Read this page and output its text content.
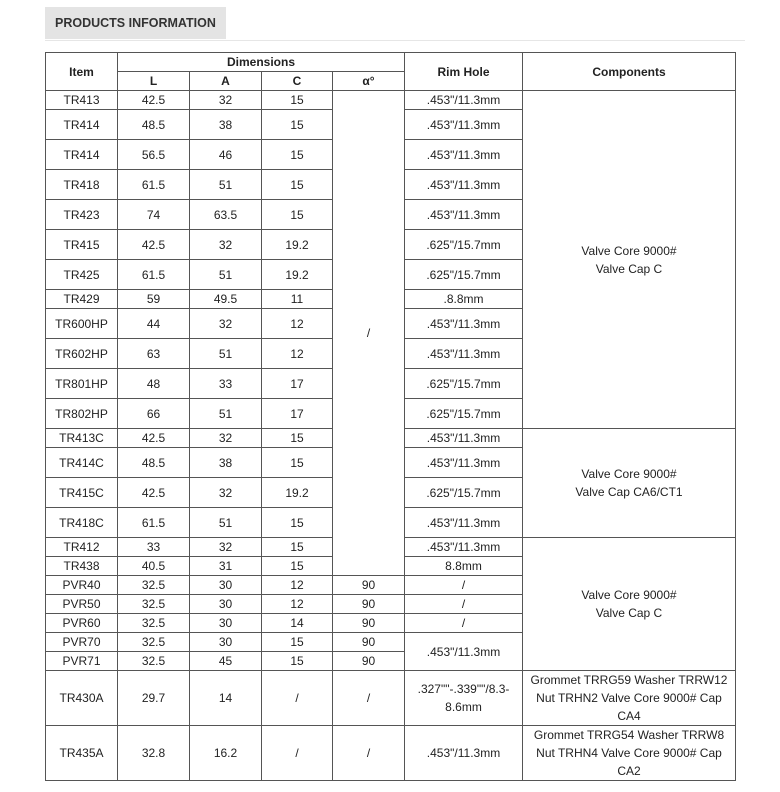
PRODUCTS INFORMATION
Item	Dimensions				Rim Hole	Components
	L	A	C	α°		
TR413	42.5	32	15	/	.453"/11.3mm	Valve Core 9000#
Valve Cap C

TR414	48.5	38	15		.453"/11.3mm	
TR414	56.5	46	15		.453"/11.3mm	
TR418	61.5	51	15		.453"/11.3mm	
TR423	74	63.5	15		.453"/11.3mm	
TR415	42.5	32	19.2		.625"/15.7mm	
TR425	61.5	51	19.2		.625"/15.7mm	
TR429	59	49.5	11		.8.8mm	
TR600HP	44	32	12		.453"/11.3mm	
TR602HP	63	51	12		.453"/11.3mm	
TR801HP	48	33	17		.625"/15.7mm	
TR802HP	66	51	17		.625"/15.7mm	
TR413C	42.5	32	15		.453"/11.3mm	Valve Core 9000#
Valve Cap CA6/CT1

TR414C	48.5	38	15		.453"/11.3mm	
TR415C	42.5	32	19.2		.625"/15.7mm	
TR418C	61.5	51	15		.453"/11.3mm	
TR412	33	32	15		.453"/11.3mm	Valve Core 9000#
Valve Cap C

TR438	40.5	31	15		8.8mm	
PVR40	32.5	30	12	90	/	
PVR50	32.5	30	12	90	/	
PVR60	32.5	30	14	90	/	
PVR70	32.5	30	15	90	.453"/11.3mm	
PVR71	32.5	45	15	90		
TR430A	29.7	14	/	/	.327""-.339""/8.3-8.6mm	Grommet TRRG59 Washer TRRW12 Nut TRHN2 Valve Core 9000# Cap CA4
TR435A	32.8	16.2	/	/	.453"/11.3mm	Grommet TRRG54 Washer TRRW8 Nut TRHN4 Valve Core 9000# Cap CA2
